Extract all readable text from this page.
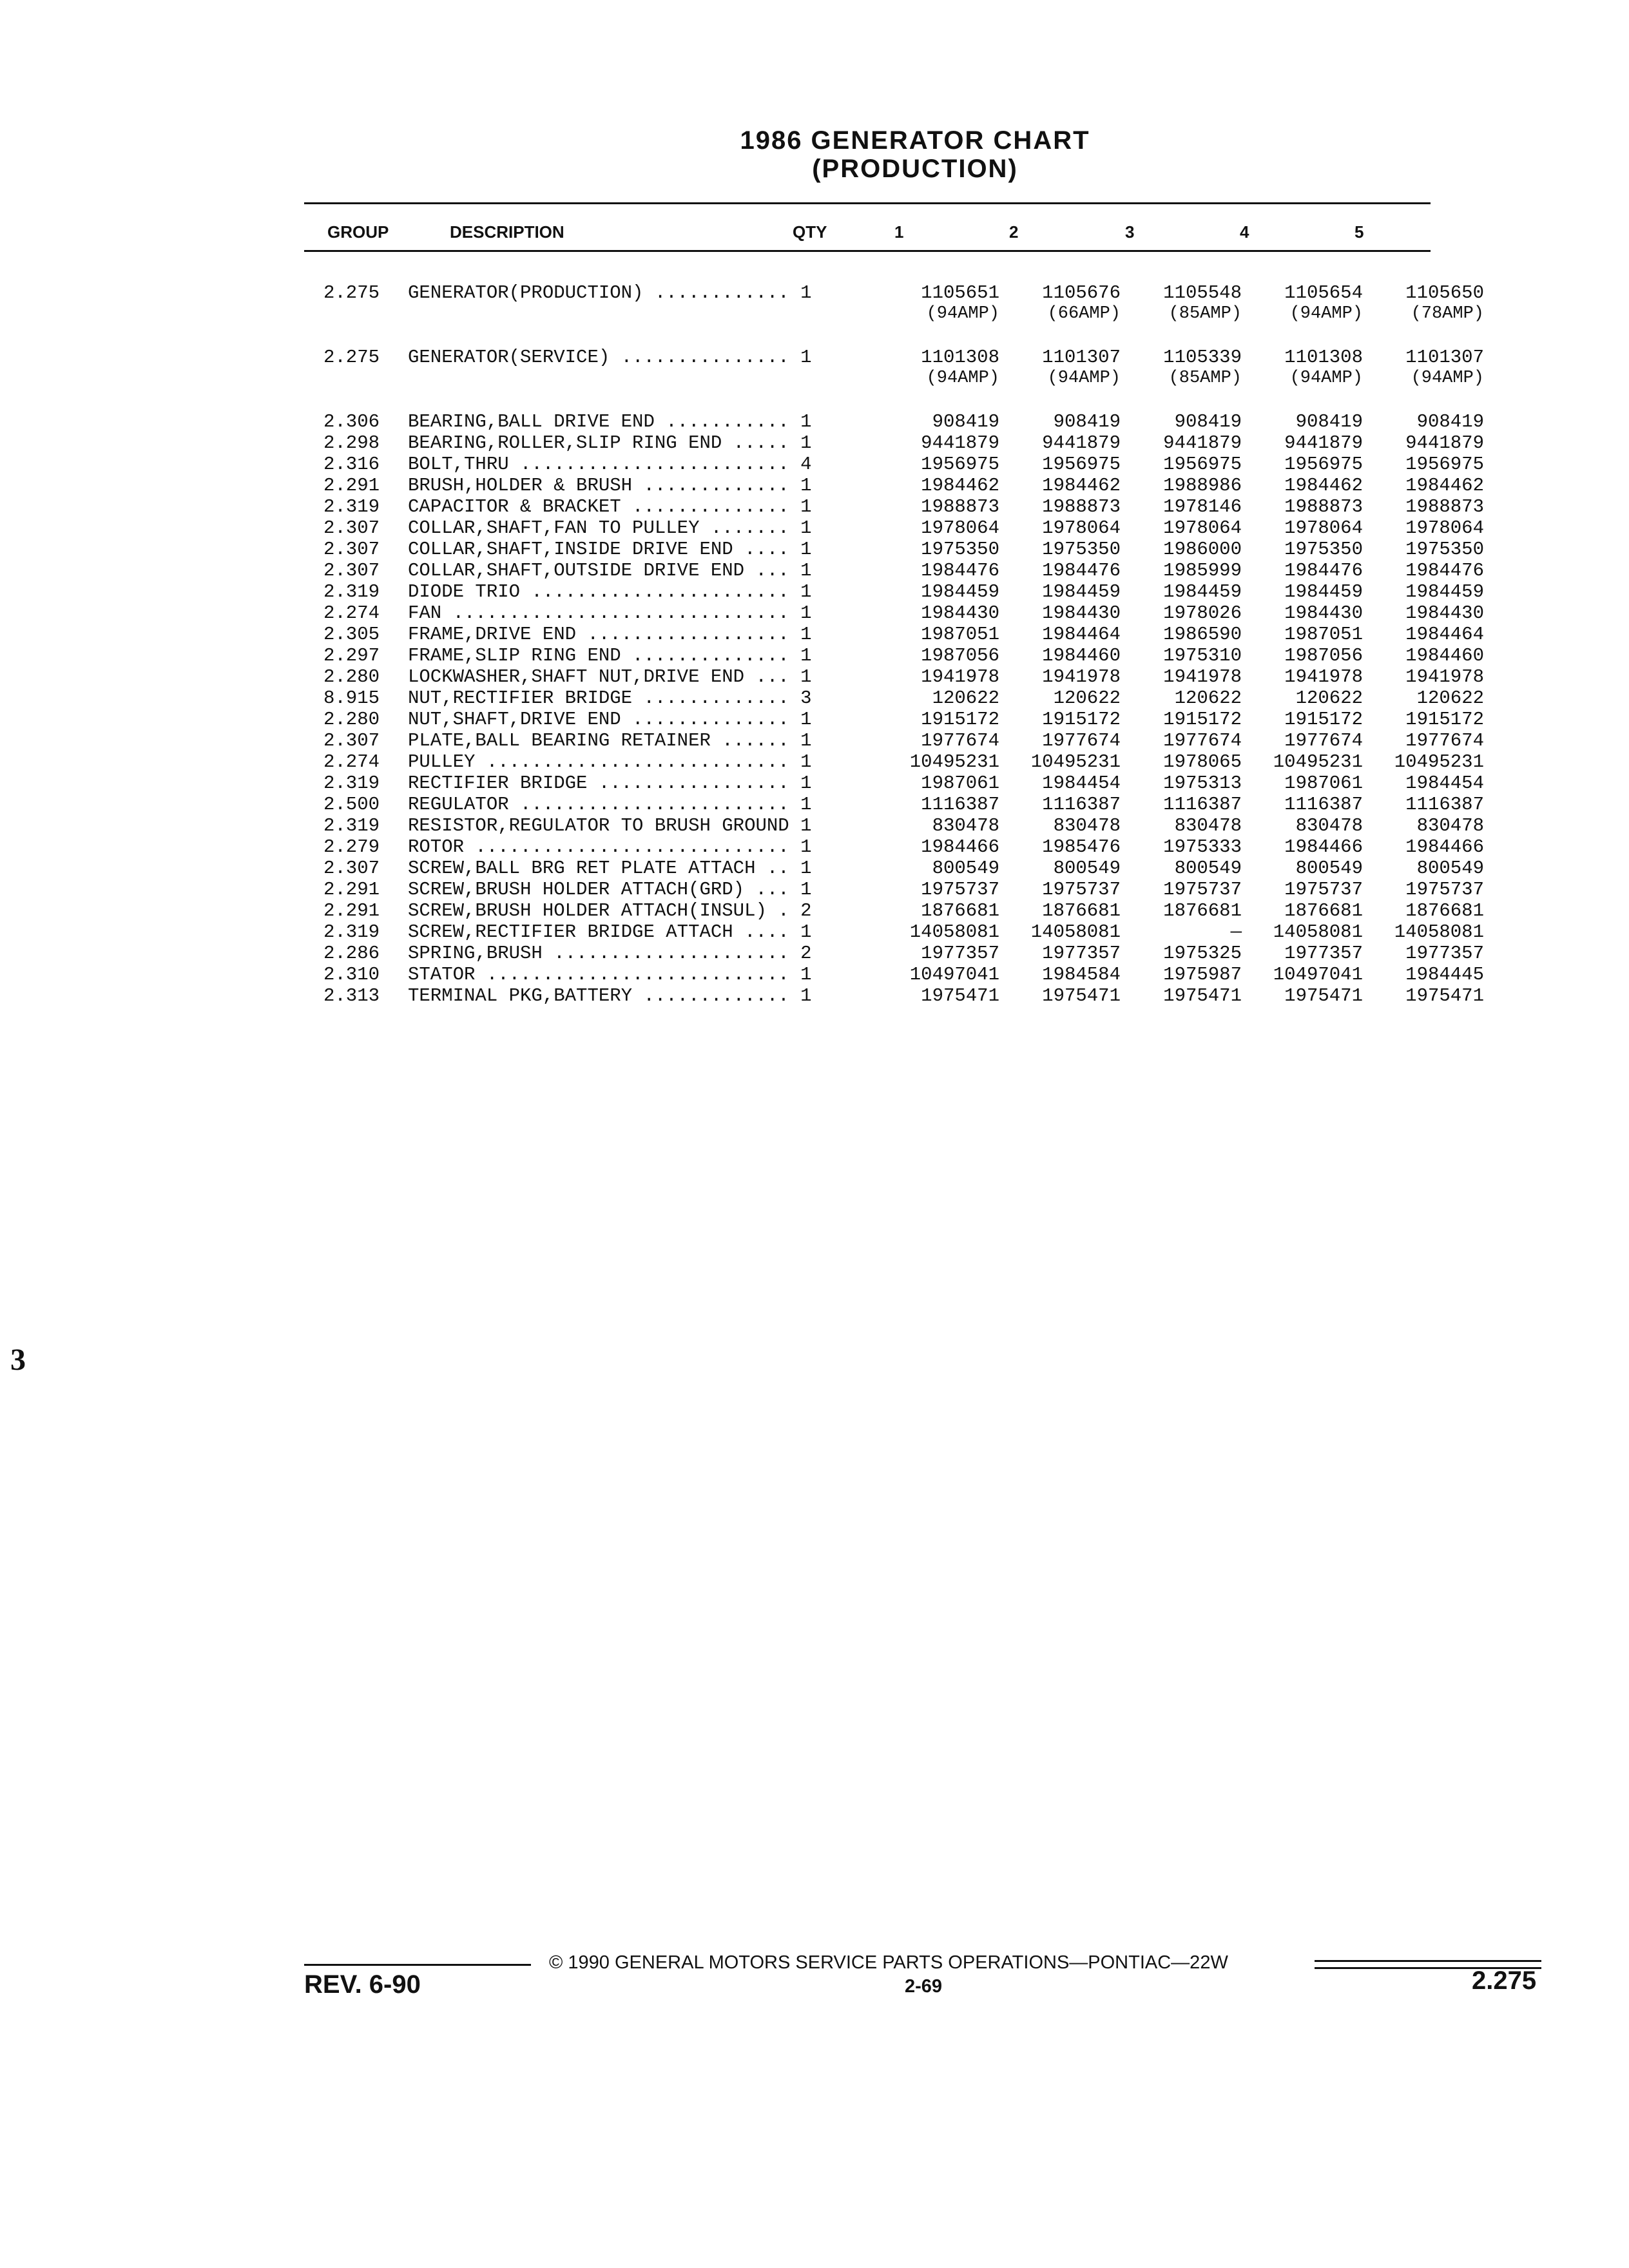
1986 GENERATOR CHART
(PRODUCTION)
GROUP	DESCRIPTION	QTY	1	2	3	4	5
2.275	GENERATOR(PRODUCTION) ............ 1	1105651	1105676	1105548	1105654	1105650
		(94AMP)	(66AMP)	(85AMP)	(94AMP)	(78AMP)

2.275	GENERATOR(SERVICE) ............... 1	1101308	1101307	1105339	1101308	1101307
		(94AMP)	(94AMP)	(85AMP)	(94AMP)	(94AMP)

2.306	BEARING,BALL DRIVE END ........... 1	908419	908419	908419	908419	908419
2.298	BEARING,ROLLER,SLIP RING END ..... 1	9441879	9441879	9441879	9441879	9441879
2.316	BOLT,THRU ........................ 4	1956975	1956975	1956975	1956975	1956975
2.291	BRUSH,HOLDER & BRUSH ............. 1	1984462	1984462	1988986	1984462	1984462
2.319	CAPACITOR & BRACKET .............. 1	1988873	1988873	1978146	1988873	1988873
2.307	COLLAR,SHAFT,FAN TO PULLEY ....... 1	1978064	1978064	1978064	1978064	1978064
2.307	COLLAR,SHAFT,INSIDE DRIVE END .... 1	1975350	1975350	1986000	1975350	1975350
2.307	COLLAR,SHAFT,OUTSIDE DRIVE END ... 1	1984476	1984476	1985999	1984476	1984476
2.319	DIODE TRIO ....................... 1	1984459	1984459	1984459	1984459	1984459
2.274	FAN .............................. 1	1984430	1984430	1978026	1984430	1984430
2.305	FRAME,DRIVE END .................. 1	1987051	1984464	1986590	1987051	1984464
2.297	FRAME,SLIP RING END .............. 1	1987056	1984460	1975310	1987056	1984460
2.280	LOCKWASHER,SHAFT NUT,DRIVE END ... 1	1941978	1941978	1941978	1941978	1941978
8.915	NUT,RECTIFIER BRIDGE ............. 3	120622	120622	120622	120622	120622
2.280	NUT,SHAFT,DRIVE END .............. 1	1915172	1915172	1915172	1915172	1915172
2.307	PLATE,BALL BEARING RETAINER ...... 1	1977674	1977674	1977674	1977674	1977674
2.274	PULLEY ........................... 1	10495231	10495231	1978065	10495231	10495231
2.319	RECTIFIER BRIDGE ................. 1	1987061	1984454	1975313	1987061	1984454
2.500	REGULATOR ........................ 1	1116387	1116387	1116387	1116387	1116387
2.319	RESISTOR,REGULATOR TO BRUSH GROUND 1	830478	830478	830478	830478	830478
2.279	ROTOR ............................ 1	1984466	1985476	1975333	1984466	1984466
2.307	SCREW,BALL BRG RET PLATE ATTACH .. 1	800549	800549	800549	800549	800549
2.291	SCREW,BRUSH HOLDER ATTACH(GRD) ... 1	1975737	1975737	1975737	1975737	1975737
2.291	SCREW,BRUSH HOLDER ATTACH(INSUL) . 2	1876681	1876681	1876681	1876681	1876681
2.319	SCREW,RECTIFIER BRIDGE ATTACH .... 1	14058081	14058081	—	14058081	14058081
2.286	SPRING,BRUSH ..................... 2	1977357	1977357	1975325	1977357	1977357
2.310	STATOR ........................... 1	10497041	1984584	1975987	10497041	1984445
2.313	TERMINAL PKG,BATTERY ............. 1	1975471	1975471	1975471	1975471	1975471
© 1990 GENERAL MOTORS SERVICE PARTS OPERATIONS—PONTIAC—22W
REV. 6-90	2-69	2.275
3
